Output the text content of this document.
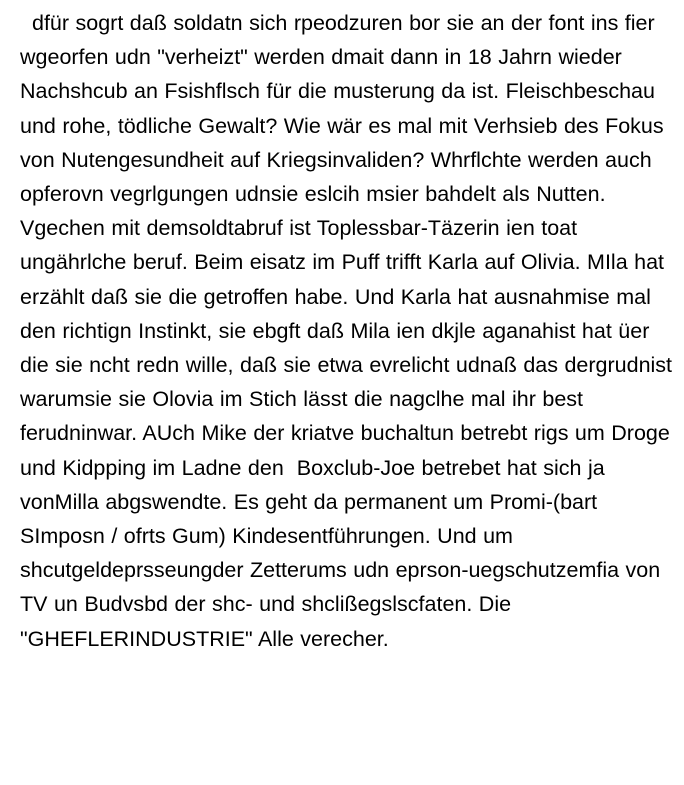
dfür sogrt daß soldatn sich rpeodzuren bor sie an der font ins fier wgeorfen udn "verheizt" werden dmait dann in 18 Jahrn wieder Nachshcub an Fsishflsch für die musterung da ist. Fleischbeschau und rohe, tödliche Gewalt? Wie wär es mal mit Verhsieb des Fokus von Nutengesundheit auf Kriegsinvaliden? Whrflchte werden auch opferovn vegrlgungen udnsie eslcih msier bahdelt als Nutten. Vgechen mit demsoldtabruf ist Toplessbar-Täzerin ien toat ungährlche beruf. Beim eisatz im Puff trifft Karla auf Olivia. MIla hat erzählt daß sie die getroffen habe. Und Karla hat ausnahmise mal den richtign Instinkt, sie ebgft daß Mila ien dkjle aganahist hat üer die sie ncht redn wille, daß sie etwa evrelicht udnaß das dergrudnist warumsie sie Olovia im Stich lässt die nagclhe mal ihr best ferudninwar. AUch Mike der kriatve buchaltun betrebt rigs um Droge und Kidpping im Ladne den  Boxclub-Joe betrebet hat sich ja vonMilla abgswendte. Es geht da permanent um Promi-(bart SImposn / ofrts Gum) Kindesentführungen. Und um shcutgeldeprsseungder Zetterums udn eprson-uegschutzemfia von TV un Budvsbd der shc- und shclißegslscfaten. Die "GHEFLERINDUSTRIE" Alle verecher.
